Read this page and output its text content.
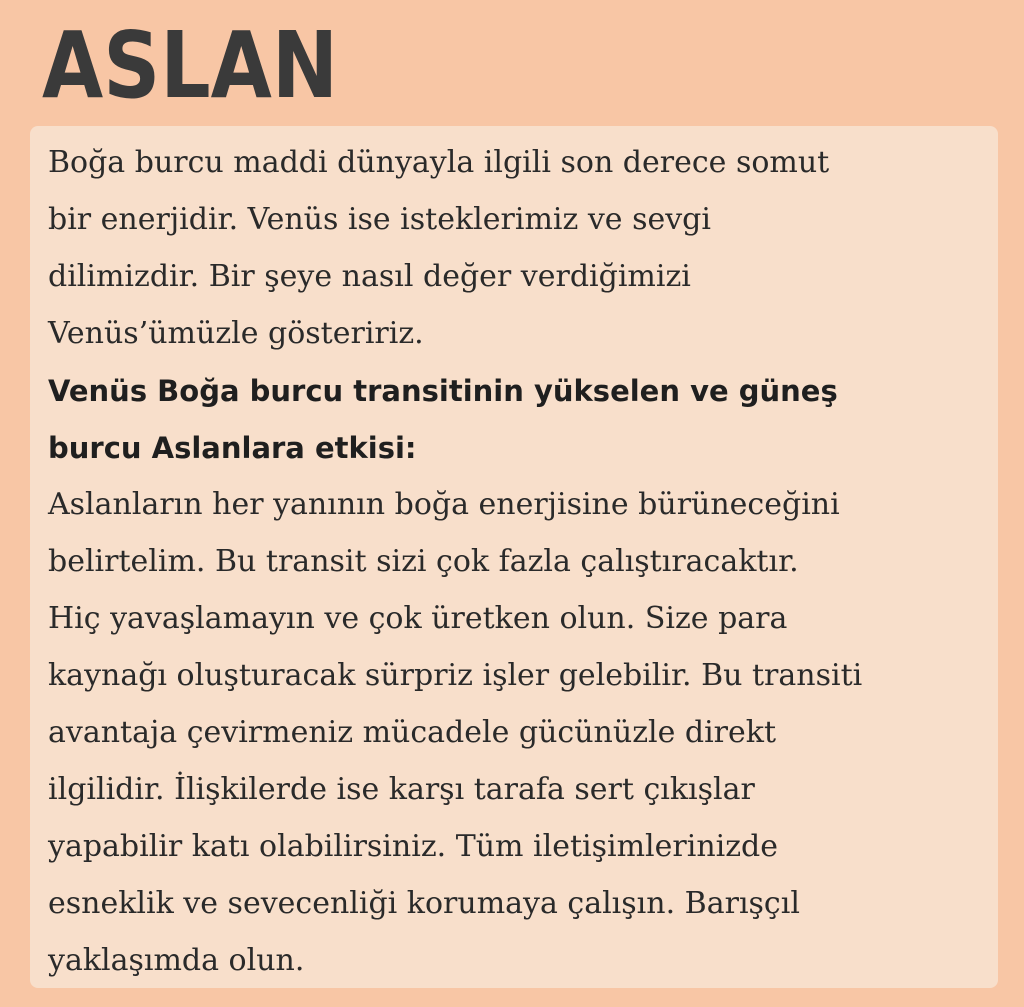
ASLAN

Boğa burcu maddi dünyayla ilgili son derece somut

bir enerjidir. Venüs ise isteklerimiz ve sevgi

dilimizdir. Bir şeye nasıl değer verdiğimizi

Venüs’ümüzle gösteririz.

Venüs Boğa burcu transitinin yükselen ve güneş

burcu Aslanlara etkisi:

Aslanların her yanının boğa enerjisine bürüneceğini

belirtelim. Bu transit sizi çok fazla çalıştıracaktır.

Hiç yavaşlamayın ve çok üretken olun. Size para

kaynağı oluşturacak sürpriz işler gelebilir. Bu transiti

avantaja çevirmeniz mücadele gücünüzle direkt

ilgilidir. İlişkilerde ise karşı tarafa sert çıkışlar

yapabilir katı olabilirsiniz. Tüm iletişimlerinizde

esneklik ve sevecenliği korumaya çalışın. Barışçıl

yaklaşımda olun.
